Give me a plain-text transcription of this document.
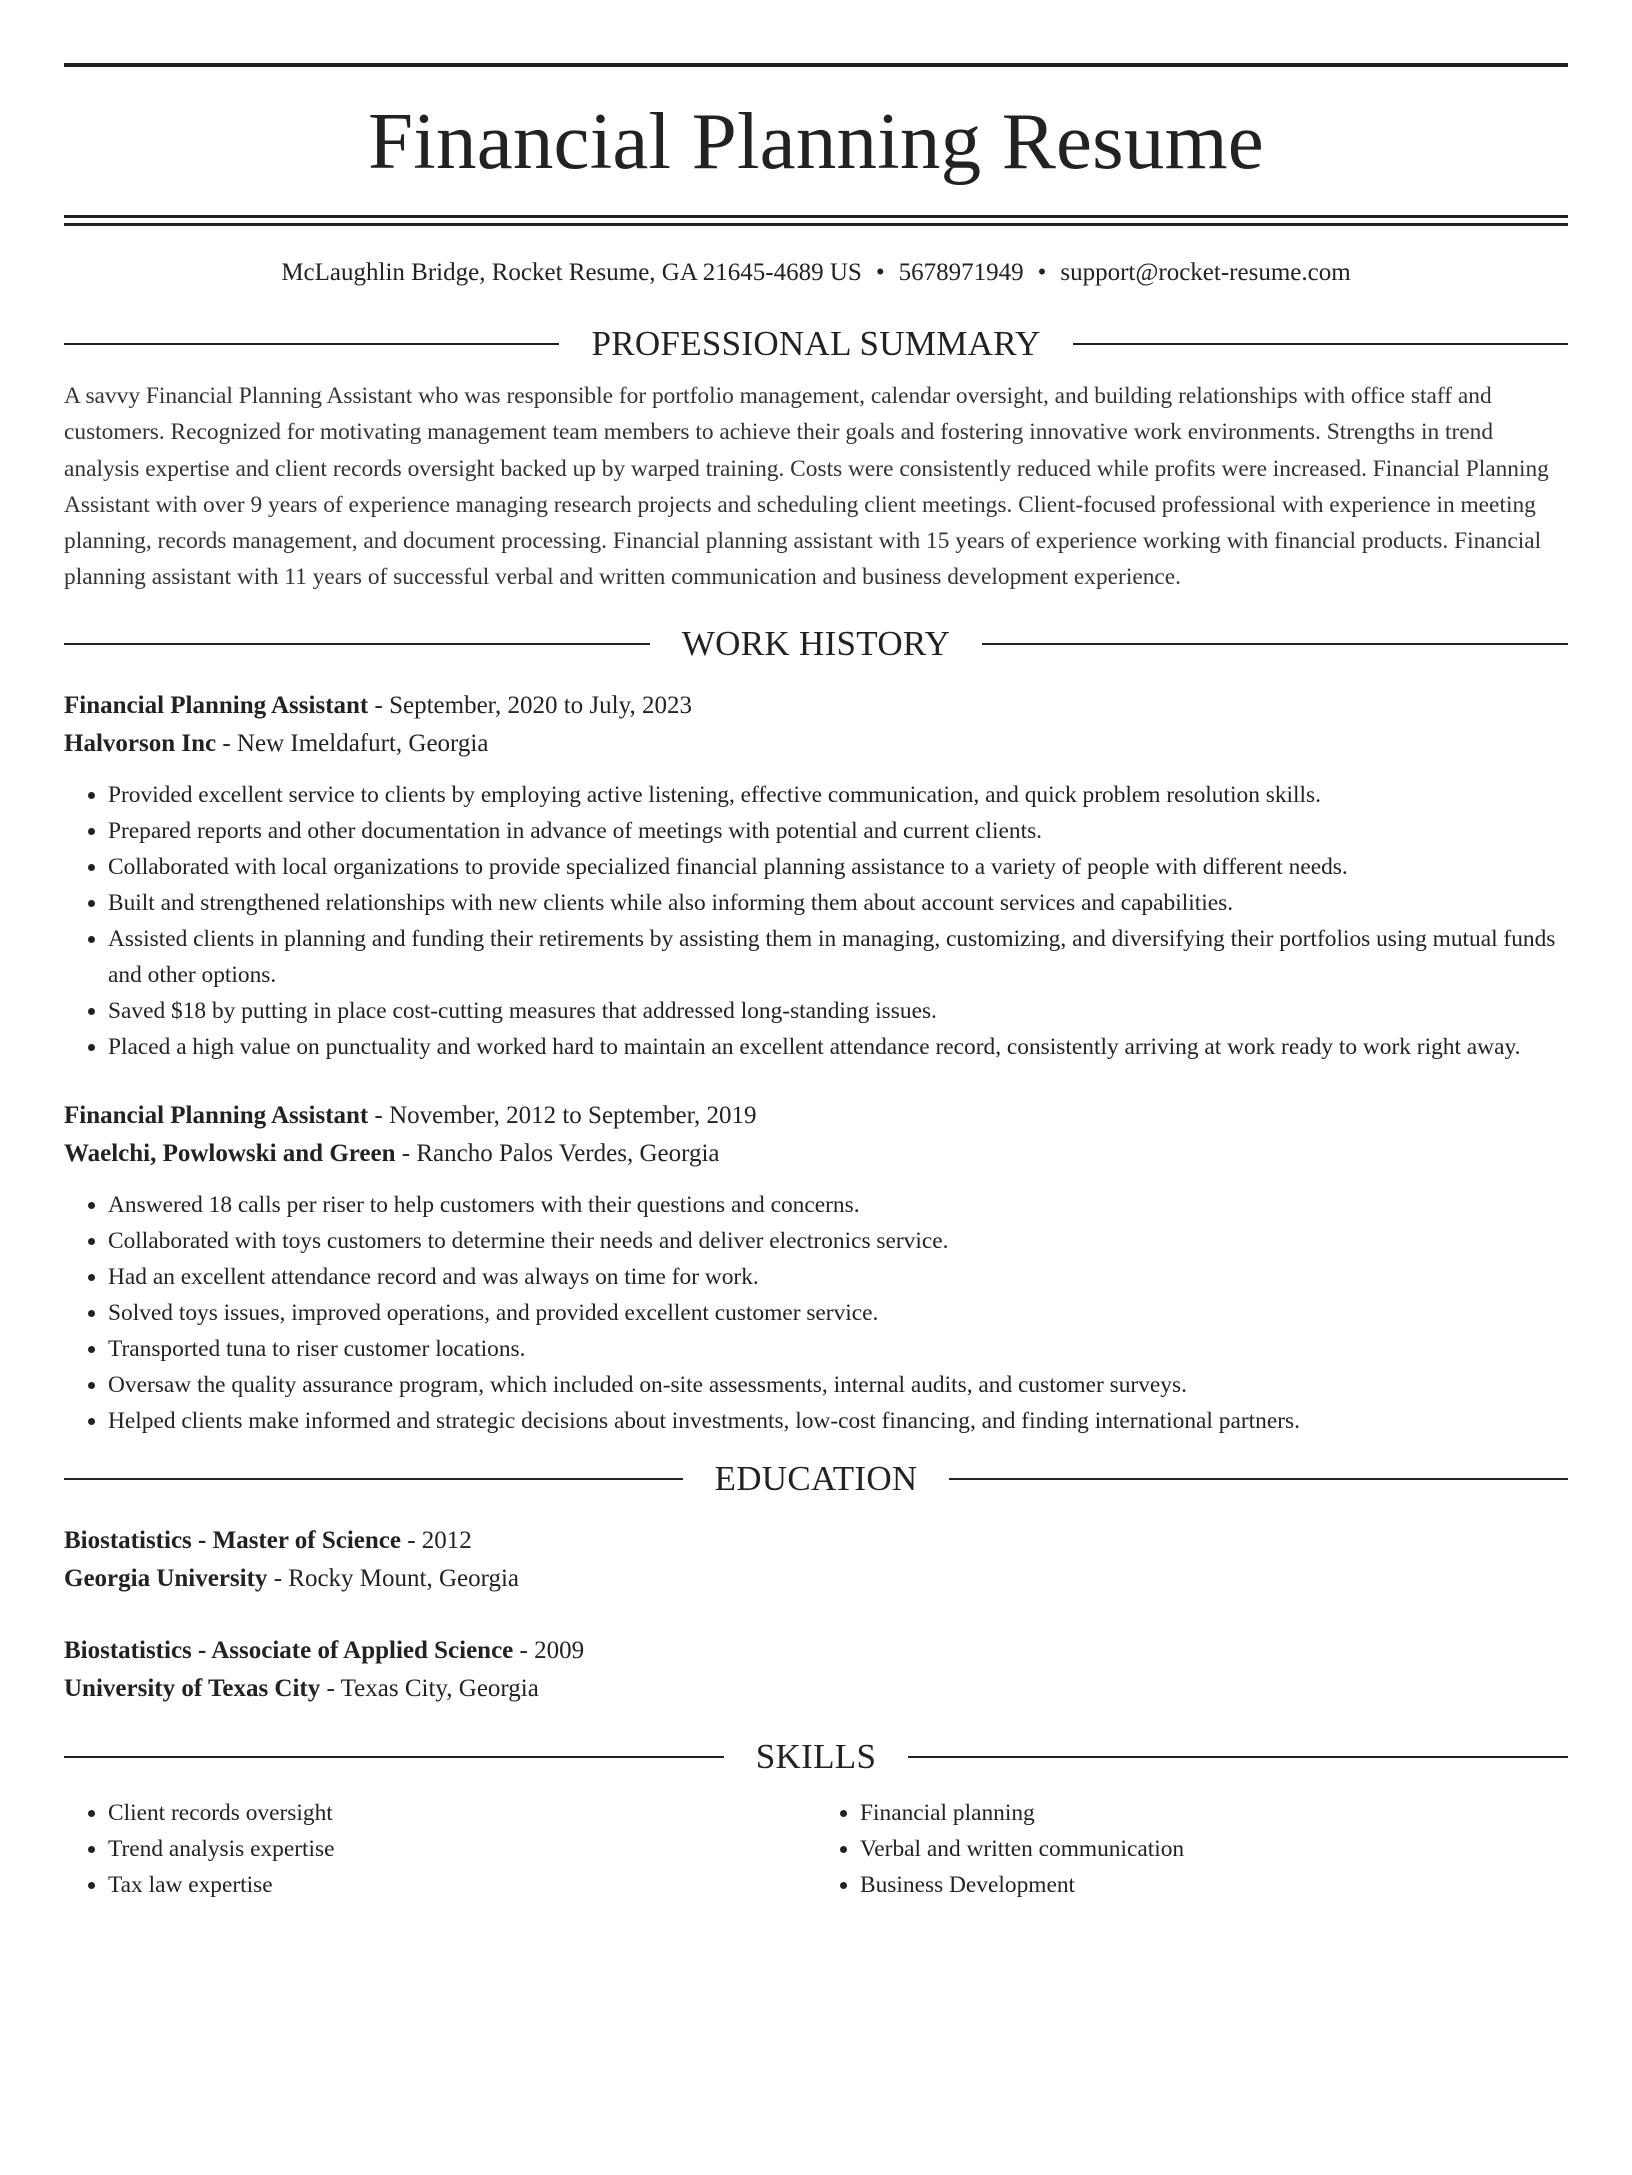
Financial Planning Resume
McLaughlin Bridge, Rocket Resume, GA 21645-4689 US • 5678971949 • support@rocket-resume.com
PROFESSIONAL SUMMARY
A savvy Financial Planning Assistant who was responsible for portfolio management, calendar oversight, and building relationships with office staff and customers. Recognized for motivating management team members to achieve their goals and fostering innovative work environments. Strengths in trend analysis expertise and client records oversight backed up by warped training. Costs were consistently reduced while profits were increased. Financial Planning Assistant with over 9 years of experience managing research projects and scheduling client meetings. Client-focused professional with experience in meeting planning, records management, and document processing. Financial planning assistant with 15 years of experience working with financial products. Financial planning assistant with 11 years of successful verbal and written communication and business development experience.
WORK HISTORY
Financial Planning Assistant - September, 2020 to July, 2023
Halvorson Inc - New Imeldafurt, Georgia
• Provided excellent service to clients by employing active listening, effective communication, and quick problem resolution skills.
• Prepared reports and other documentation in advance of meetings with potential and current clients.
• Collaborated with local organizations to provide specialized financial planning assistance to a variety of people with different needs.
• Built and strengthened relationships with new clients while also informing them about account services and capabilities.
• Assisted clients in planning and funding their retirements by assisting them in managing, customizing, and diversifying their portfolios using mutual funds and other options.
• Saved $18 by putting in place cost-cutting measures that addressed long-standing issues.
• Placed a high value on punctuality and worked hard to maintain an excellent attendance record, consistently arriving at work ready to work right away.
Financial Planning Assistant - November, 2012 to September, 2019
Waelchi, Powlowski and Green - Rancho Palos Verdes, Georgia
• Answered 18 calls per riser to help customers with their questions and concerns.
• Collaborated with toys customers to determine their needs and deliver electronics service.
• Had an excellent attendance record and was always on time for work.
• Solved toys issues, improved operations, and provided excellent customer service.
• Transported tuna to riser customer locations.
• Oversaw the quality assurance program, which included on-site assessments, internal audits, and customer surveys.
• Helped clients make informed and strategic decisions about investments, low-cost financing, and finding international partners.
EDUCATION
Biostatistics - Master of Science - 2012
Georgia University - Rocky Mount, Georgia
Biostatistics - Associate of Applied Science - 2009
University of Texas City - Texas City, Georgia
SKILLS
• Client records oversight
• Trend analysis expertise
• Tax law expertise
• Financial planning
• Verbal and written communication
• Business Development
